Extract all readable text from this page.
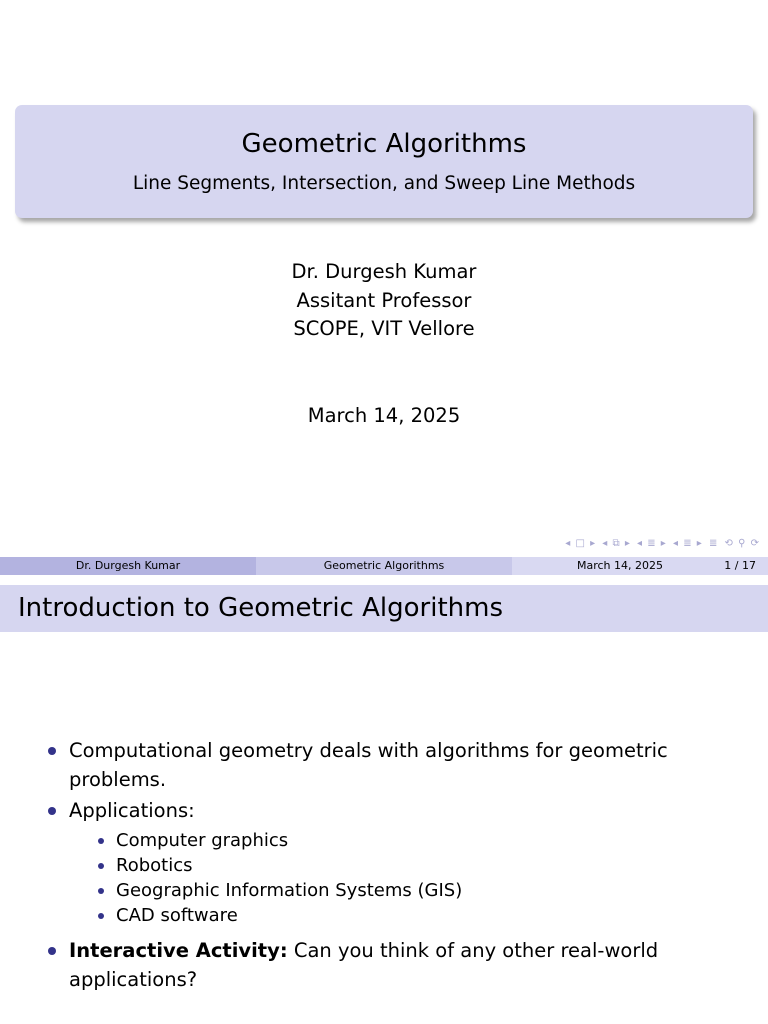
Geometric Algorithms
Line Segments, Intersection, and Sweep Line Methods
Dr. Durgesh Kumar
Assitant Professor
SCOPE, VIT Vellore
March 14, 2025
◂ □ ▸ ◂ ⧉ ▸ ◂ ≣ ▸ ◂ ≣ ▸ ≣ ⟲ ⚲ ⟳
Dr. Durgesh Kumar	Geometric Algorithms	March 14, 2025	1 / 17
Introduction to Geometric Algorithms
Computational geometry deals with algorithms for geometric
problems.
Applications:
Computer graphics
Robotics
Geographic Information Systems (GIS)
CAD software
Interactive Activity: Can you think of any other real-world
applications?
